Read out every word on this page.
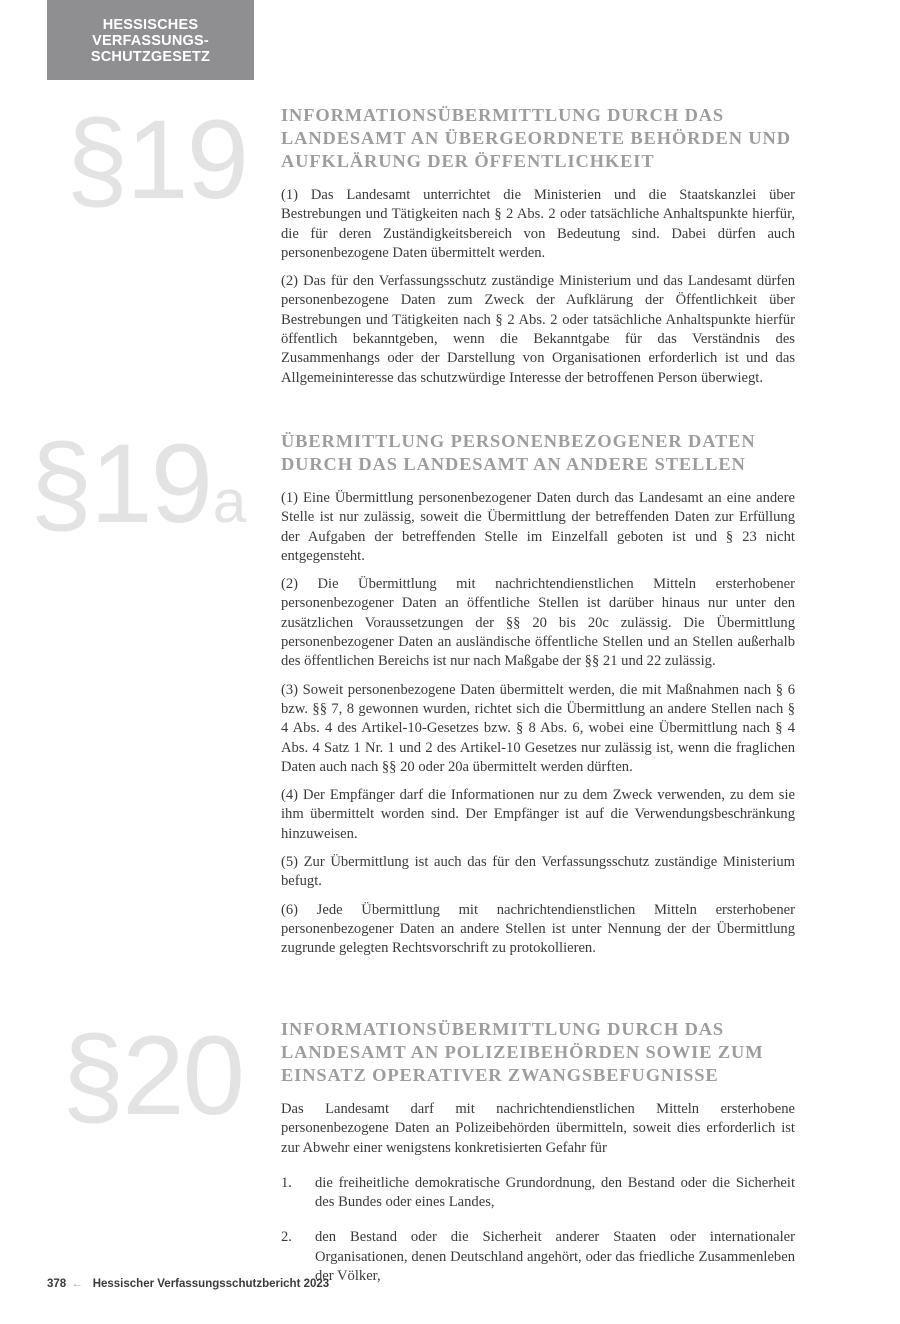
HESSISCHES
VERFASSUNGS-
SCHUTZGESETZ
§19 INFORMATIONSÜBERMITTLUNG DURCH DAS LANDESAMT AN ÜBERGEORDNETE BEHÖRDEN UND AUFKLÄRUNG DER ÖFFENTLICHKEIT

(1) Das Landesamt unterrichtet die Ministerien und die Staatskanzlei über Bestrebungen und Tätigkeiten nach § 2 Abs. 2 oder tatsächliche Anhaltspunkte hierfür, die für deren Zuständigkeitsbereich von Bedeutung sind. Dabei dürfen auch personenbezogene Daten übermittelt werden.

(2) Das für den Verfassungsschutz zuständige Ministerium und das Landesamt dürfen personenbezogene Daten zum Zweck der Aufklärung der Öffentlichkeit über Bestrebungen und Tätigkeiten nach § 2 Abs. 2 oder tatsächliche Anhaltspunkte hierfür öffentlich bekanntgeben, wenn die Bekanntgabe für das Verständnis des Zusammenhangs oder der Darstellung von Organisationen erforderlich ist und das Allgemeininteresse das schutzwürdige Interesse der betroffenen Person überwiegt.

§19a
ÜBERMITTLUNG PERSONENBEZOGENER DATEN DURCH DAS LANDESAMT AN ANDERE STELLEN

(1) Eine Übermittlung personenbezogener Daten durch das Landesamt an eine andere Stelle ist nur zulässig, soweit die Übermittlung der betreffenden Daten zur Erfüllung der Aufgaben der betreffenden Stelle im Einzelfall geboten ist und § 23 nicht entgegensteht.

(2) Die Übermittlung mit nachrichtendienstlichen Mitteln ersterhobener personenbezogener Daten an öffentliche Stellen ist darüber hinaus nur unter den zusätzlichen Voraussetzungen der §§ 20 bis 20c zulässig. Die Übermittlung personenbezogener Daten an ausländische öffentliche Stellen und an Stellen außerhalb des öffentlichen Bereichs ist nur nach Maßgabe der §§ 21 und 22 zulässig.

(3) Soweit personenbezogene Daten übermittelt werden, die mit Maßnahmen nach § 6 bzw. §§ 7, 8 gewonnen wurden, richtet sich die Übermittlung an andere Stellen nach § 4 Abs. 4 des Artikel-10-Gesetzes bzw. § 8 Abs. 6, wobei eine Übermittlung nach § 4 Abs. 4 Satz 1 Nr. 1 und 2 des Artikel-10 Gesetzes nur zulässig ist, wenn die fraglichen Daten auch nach §§ 20 oder 20a übermittelt werden dürften.

(4) Der Empfänger darf die Informationen nur zu dem Zweck verwenden, zu dem sie ihm übermittelt worden sind. Der Empfänger ist auf die Verwendungsbeschränkung hinzuweisen.

(5) Zur Übermittlung ist auch das für den Verfassungsschutz zuständige Ministerium befugt.

(6) Jede Übermittlung mit nachrichtendienstlichen Mitteln ersterhobener personenbezogener Daten an andere Stellen ist unter Nennung der der Übermittlung zugrunde gelegten Rechtsvorschrift zu protokollieren.

§20 INFORMATIONSÜBERMITTLUNG DURCH DAS LANDESAMT AN POLIZEIBEHÖRDEN SOWIE ZUM EINSATZ OPERATIVER ZWANGSBEFUGNISSE

Das Landesamt darf mit nachrichtendienstlichen Mitteln ersterhobene personenbezogene Daten an Polizeibehörden übermitteln, soweit dies erforderlich ist zur Abwehr einer wenigstens konkretisierten Gefahr für

1.	die freiheitliche demokratische Grundordnung, den Bestand oder die Sicherheit des Bundes oder eines Landes,
2.	den Bestand oder die Sicherheit anderer Staaten oder internationaler Organisationen, denen Deutschland angehört, oder das friedliche Zusammenleben der Völker,
378 ← Hessischer Verfassungsschutzbericht 2023
